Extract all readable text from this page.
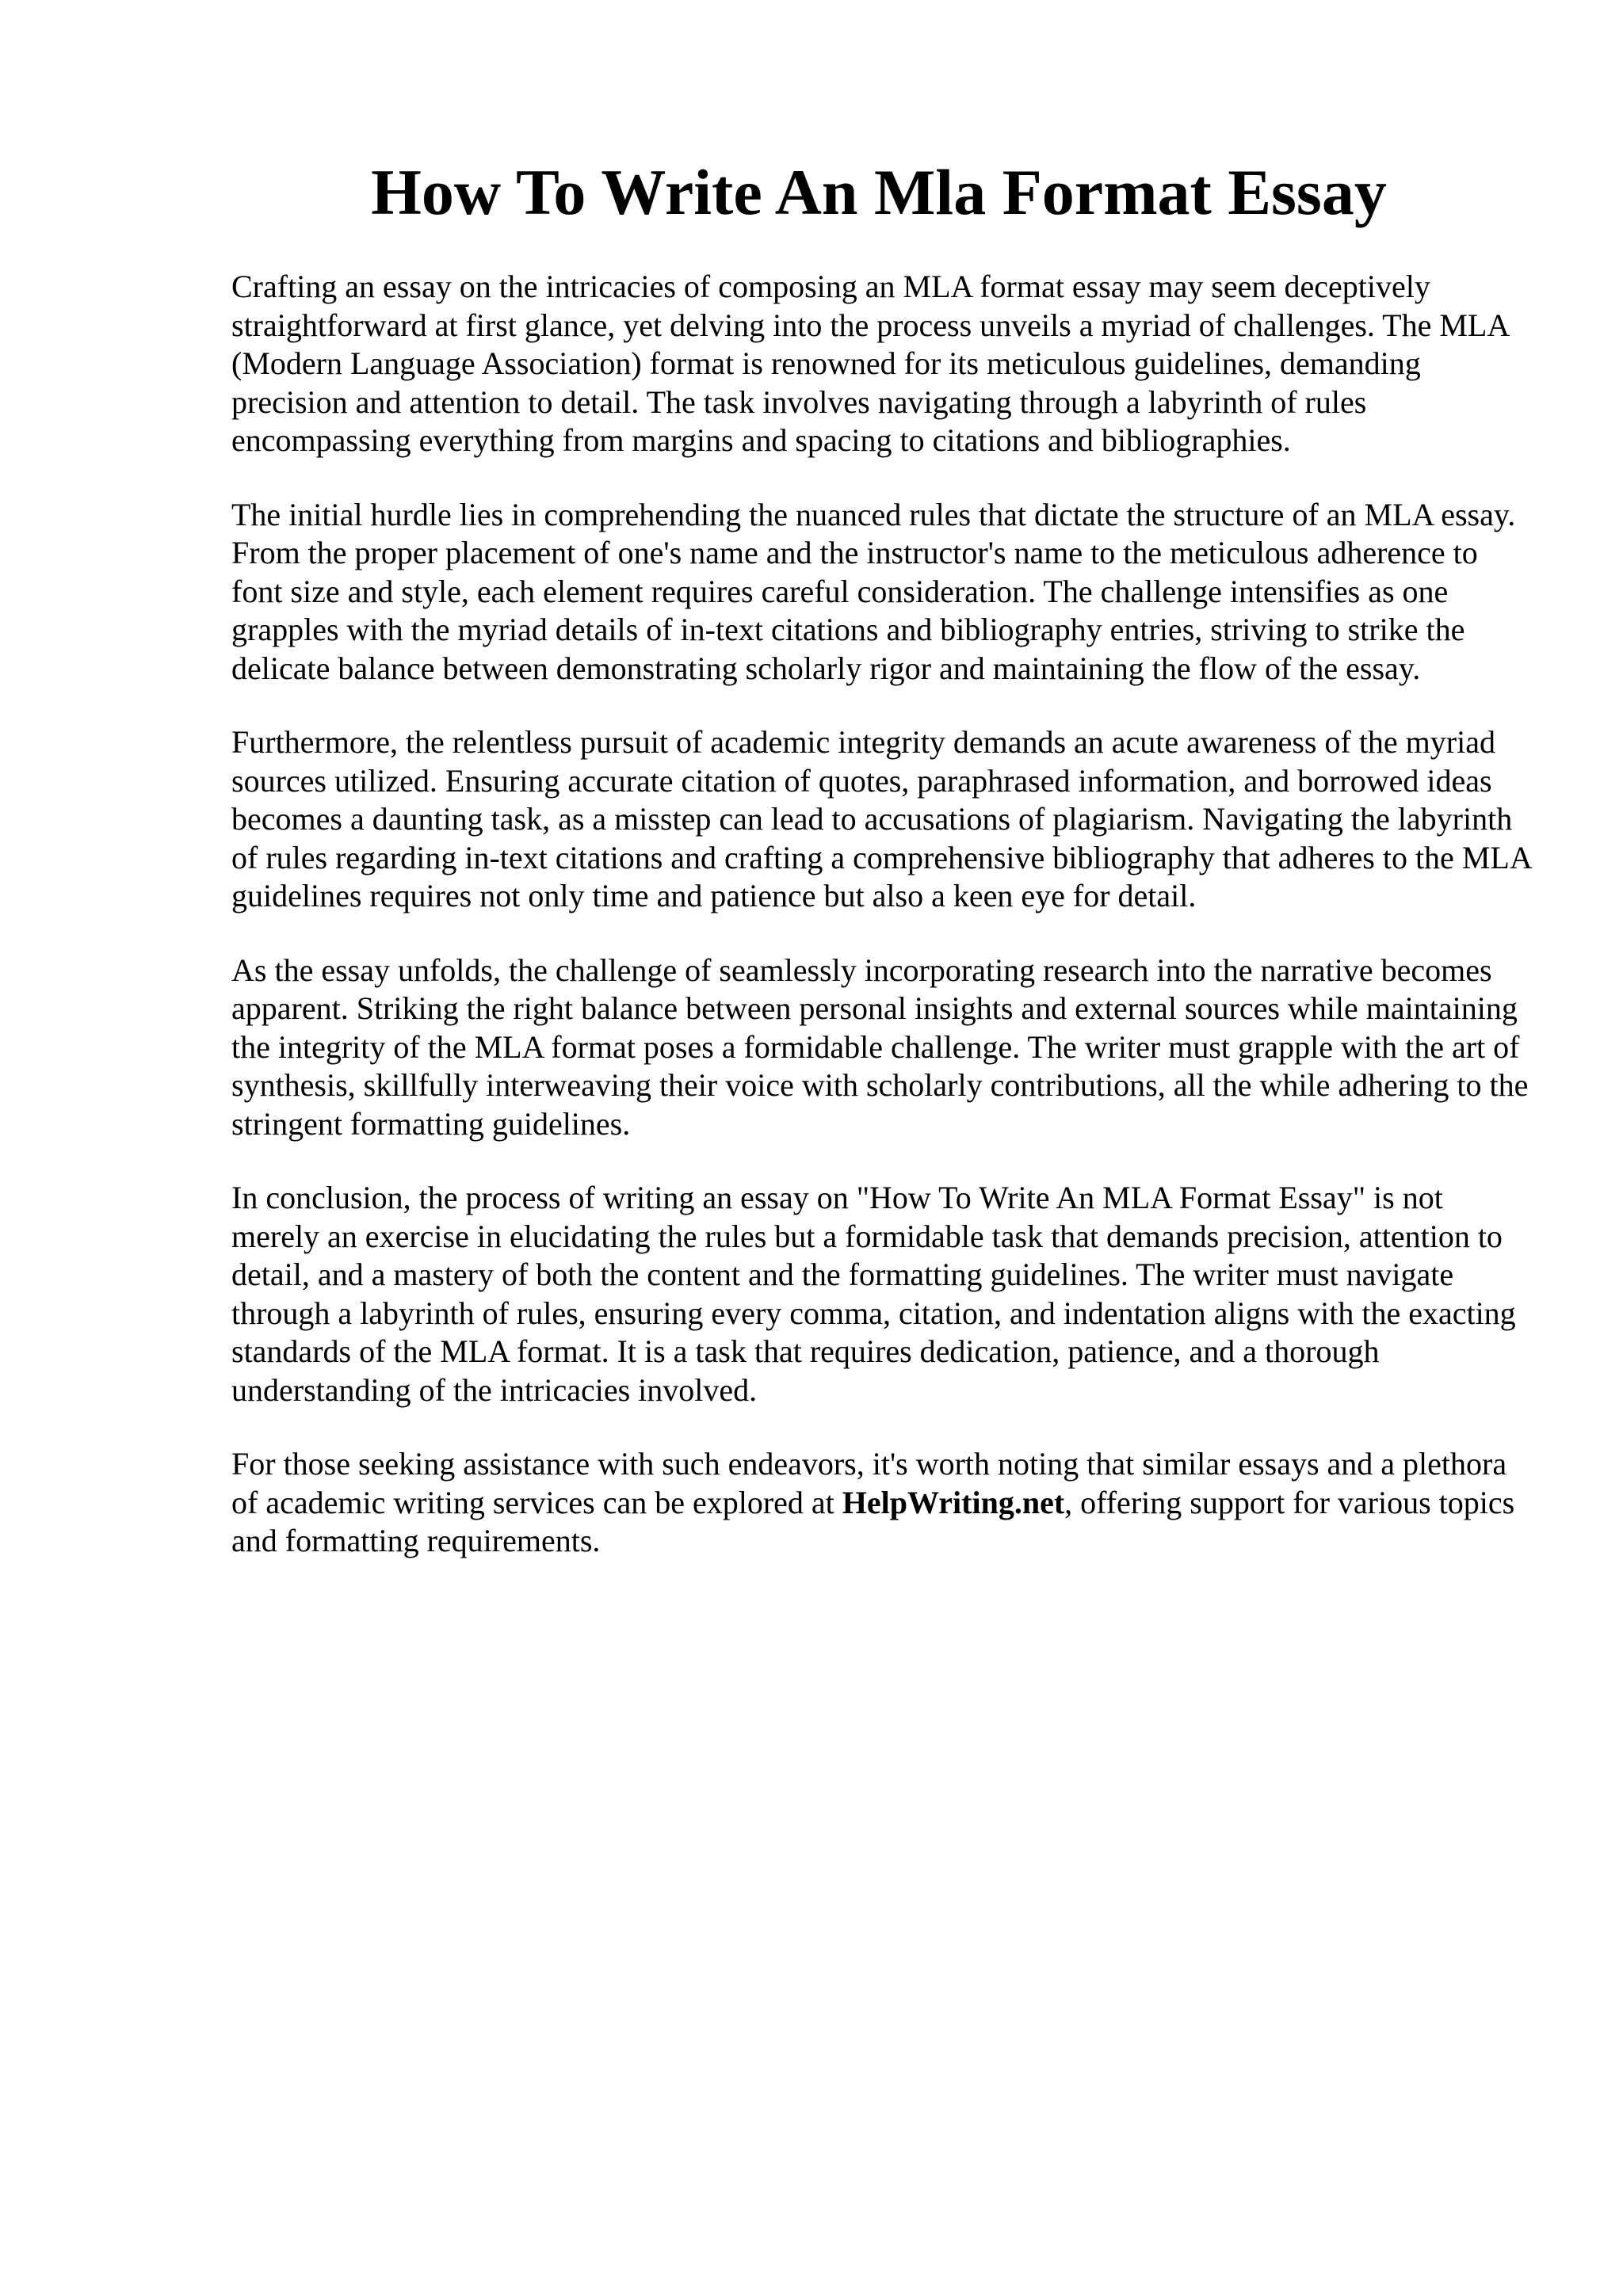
How To Write An Mla Format Essay

Crafting an essay on the intricacies of composing an MLA format essay may seem deceptively straightforward at first glance, yet delving into the process unveils a myriad of challenges. The MLA (Modern Language Association) format is renowned for its meticulous guidelines, demanding precision and attention to detail. The task involves navigating through a labyrinth of rules encompassing everything from margins and spacing to citations and bibliographies.

The initial hurdle lies in comprehending the nuanced rules that dictate the structure of an MLA essay. From the proper placement of one's name and the instructor's name to the meticulous adherence to font size and style, each element requires careful consideration. The challenge intensifies as one grapples with the myriad details of in-text citations and bibliography entries, striving to strike the delicate balance between demonstrating scholarly rigor and maintaining the flow of the essay.

Furthermore, the relentless pursuit of academic integrity demands an acute awareness of the myriad sources utilized. Ensuring accurate citation of quotes, paraphrased information, and borrowed ideas becomes a daunting task, as a misstep can lead to accusations of plagiarism. Navigating the labyrinth of rules regarding in-text citations and crafting a comprehensive bibliography that adheres to the MLA guidelines requires not only time and patience but also a keen eye for detail.

As the essay unfolds, the challenge of seamlessly incorporating research into the narrative becomes apparent. Striking the right balance between personal insights and external sources while maintaining the integrity of the MLA format poses a formidable challenge. The writer must grapple with the art of synthesis, skillfully interweaving their voice with scholarly contributions, all the while adhering to the stringent formatting guidelines.

In conclusion, the process of writing an essay on "How To Write An MLA Format Essay" is not merely an exercise in elucidating the rules but a formidable task that demands precision, attention to detail, and a mastery of both the content and the formatting guidelines. The writer must navigate through a labyrinth of rules, ensuring every comma, citation, and indentation aligns with the exacting standards of the MLA format. It is a task that requires dedication, patience, and a thorough understanding of the intricacies involved.

For those seeking assistance with such endeavors, it's worth noting that similar essays and a plethora of academic writing services can be explored at HelpWriting.net, offering support for various topics and formatting requirements.
